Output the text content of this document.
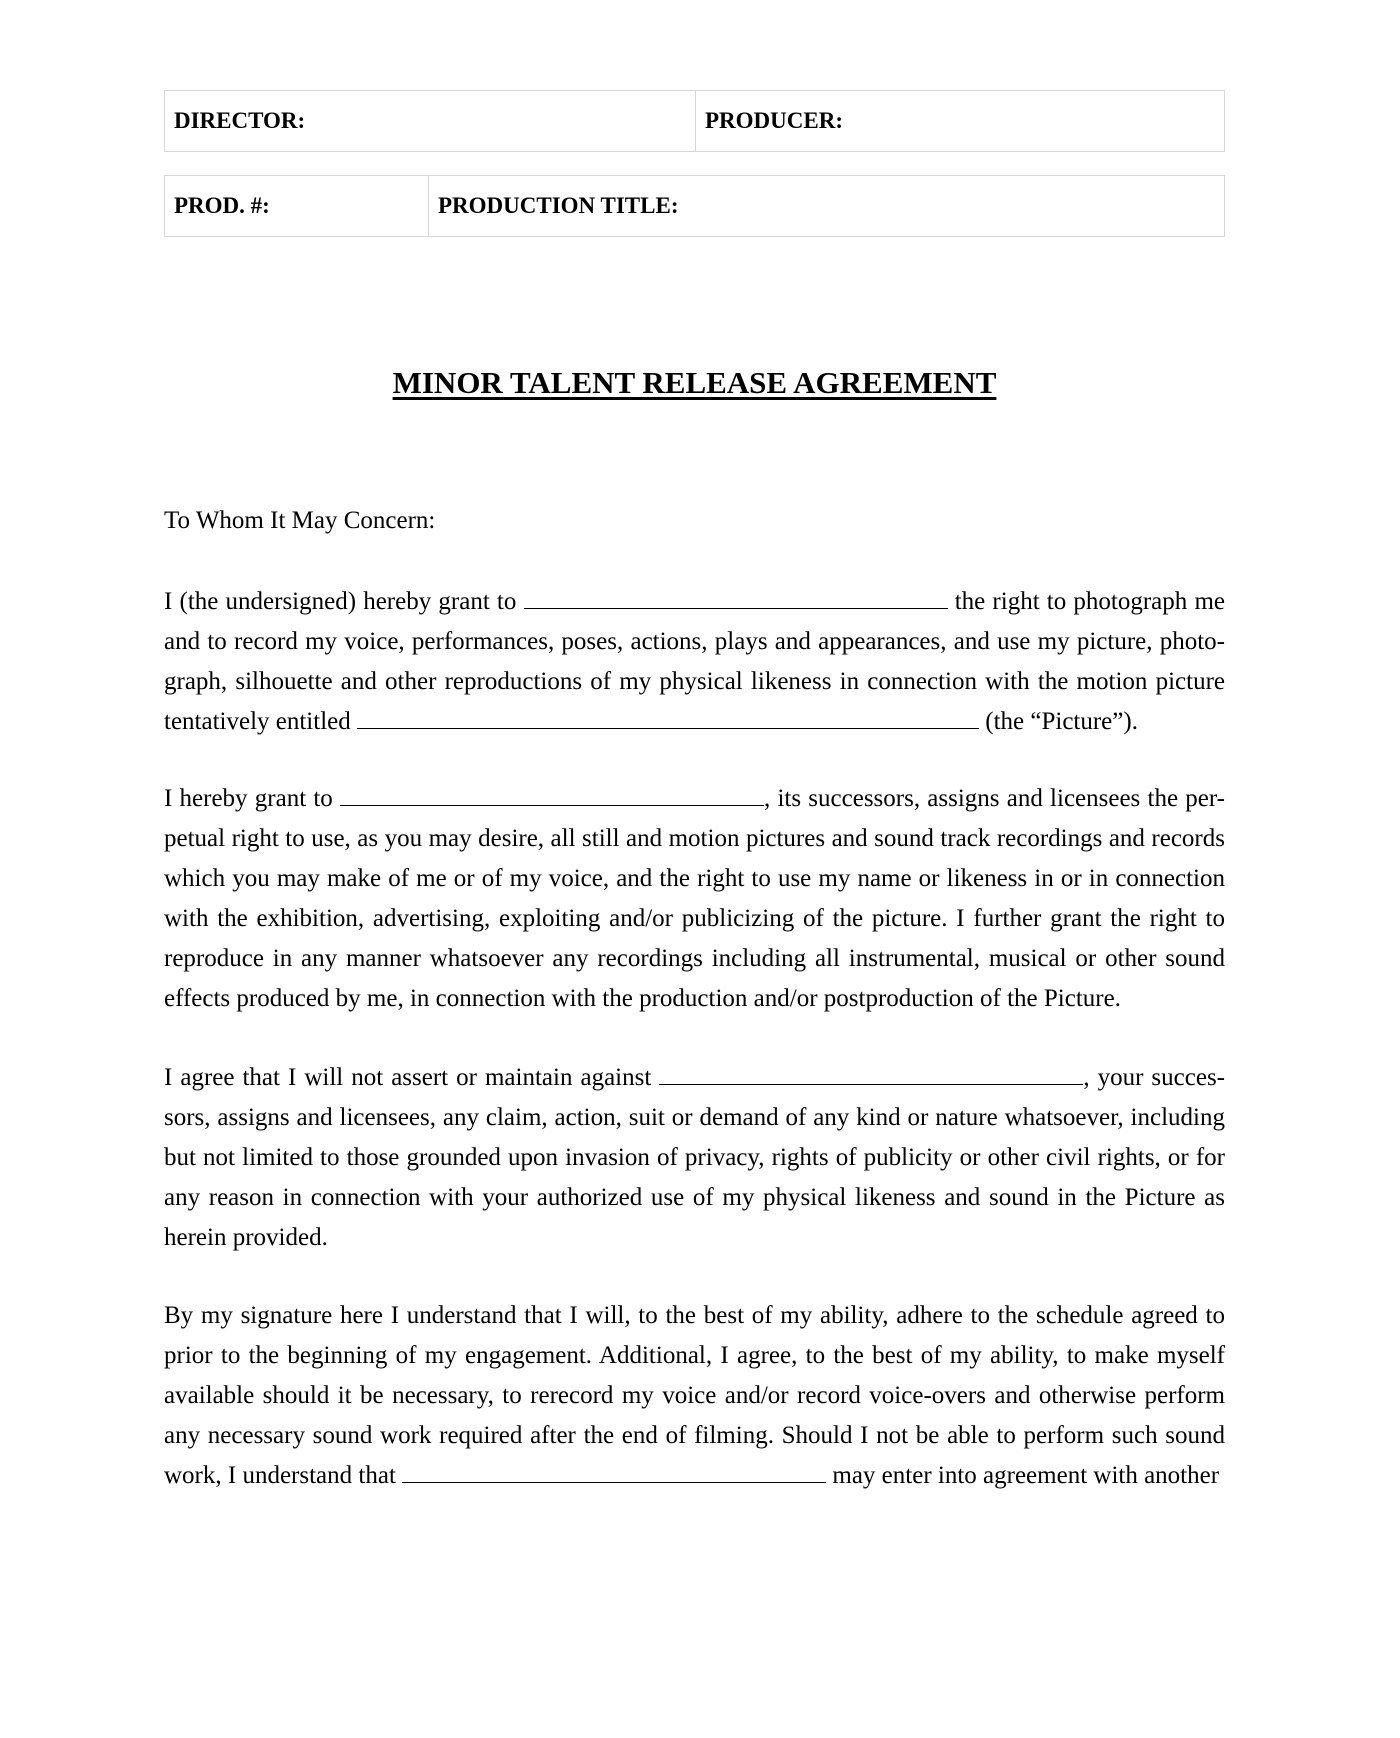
DIRECTOR:	PRODUCER:
PROD. #:	PRODUCTION TITLE:
MINOR TALENT RELEASE AGREEMENT

To Whom It May Concern:

I (the undersigned) hereby grant to	the right to photograph me and to record my voice, performances, poses, actions, plays and appearances, and use my picture, photo-graph, silhouette and other reproductions of my physical likeness in connection with the motion picture tentatively entitled	(the “Picture”).

I hereby grant to	, its successors, assigns and licensees the per-petual right to use, as you may desire, all still and motion pictures and sound track recordings and records which you may make of me or of my voice, and the right to use my name or likeness in or in connection with the exhibition, advertising, exploiting and/or publicizing of the picture. I further grant the right to reproduce in any manner whatsoever any recordings including all instrumental, musical or other sound effects produced by me, in connection with the production and/or postproduction of the Picture.

I agree that I will not assert or maintain against	, your succes-sors, assigns and licensees, any claim, action, suit or demand of any kind or nature whatsoever, including but not limited to those grounded upon invasion of privacy, rights of publicity or other civil rights, or for any reason in connection with your authorized use of my physical likeness and sound in the Picture as herein provided.

By my signature here I understand that I will, to the best of my ability, adhere to the schedule agreed to prior to the beginning of my engagement. Additional, I agree, to the best of my ability, to make myself available should it be necessary, to rerecord my voice and/or record voice-overs and otherwise perform any necessary sound work required after the end of filming. Should I not be able to perform such sound work, I understand that	may enter into agreement with another
